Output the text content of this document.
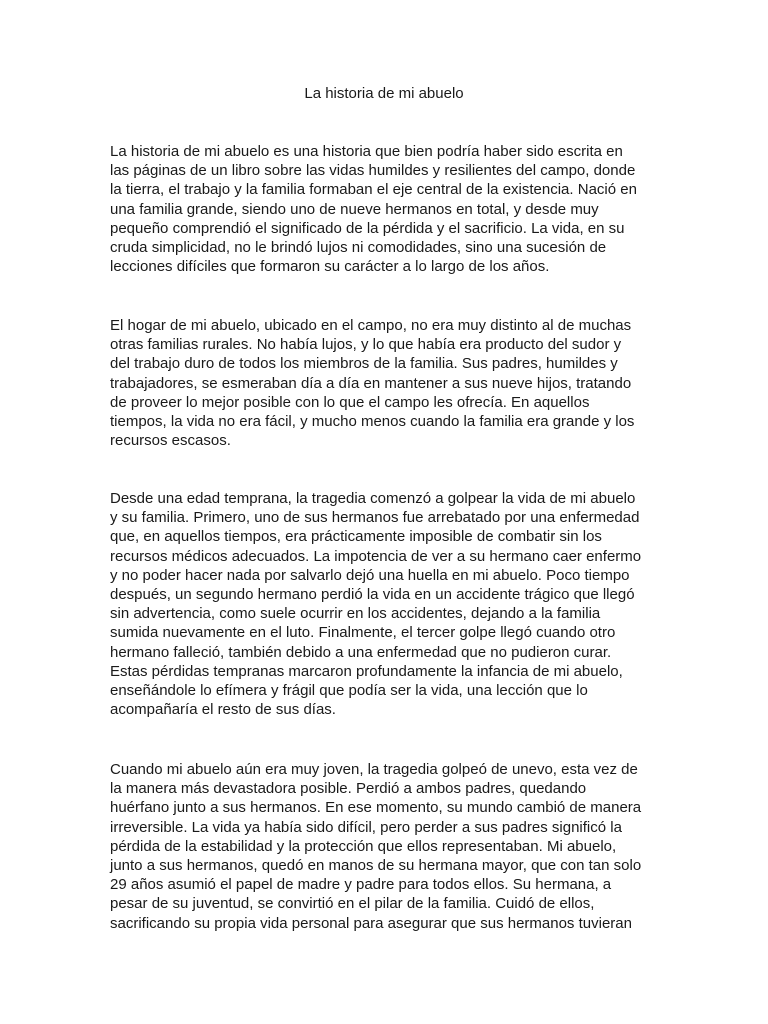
La historia de mi abuelo

La historia de mi abuelo es una historia que bien podría haber sido escrita en
las páginas de un libro sobre las vidas humildes y resilientes del campo, donde
la tierra, el trabajo y la familia formaban el eje central de la existencia. Nació en
una familia grande, siendo uno de nueve hermanos en total, y desde muy
pequeño comprendió el significado de la pérdida y el sacrificio. La vida, en su
cruda simplicidad, no le brindó lujos ni comodidades, sino una sucesión de
lecciones difíciles que formaron su carácter a lo largo de los años.

El hogar de mi abuelo, ubicado en el campo, no era muy distinto al de muchas
otras familias rurales. No había lujos, y lo que había era producto del sudor y
del trabajo duro de todos los miembros de la familia. Sus padres, humildes y
trabajadores, se esmeraban día a día en mantener a sus nueve hijos, tratando
de proveer lo mejor posible con lo que el campo les ofrecía. En aquellos
tiempos, la vida no era fácil, y mucho menos cuando la familia era grande y los
recursos escasos.

Desde una edad temprana, la tragedia comenzó a golpear la vida de mi abuelo
y su familia. Primero, uno de sus hermanos fue arrebatado por una enfermedad
que, en aquellos tiempos, era prácticamente imposible de combatir sin los
recursos médicos adecuados. La impotencia de ver a su hermano caer enfermo
y no poder hacer nada por salvarlo dejó una huella en mi abuelo. Poco tiempo
después, un segundo hermano perdió la vida en un accidente trágico que llegó
sin advertencia, como suele ocurrir en los accidentes, dejando a la familia
sumida nuevamente en el luto. Finalmente, el tercer golpe llegó cuando otro
hermano falleció, también debido a una enfermedad que no pudieron curar.
Estas pérdidas tempranas marcaron profundamente la infancia de mi abuelo,
enseñándole lo efímera y frágil que podía ser la vida, una lección que lo
acompañaría el resto de sus días.

Cuando mi abuelo aún era muy joven, la tragedia golpeó de unevo, esta vez de
la manera más devastadora posible. Perdió a ambos padres, quedando
huérfano junto a sus hermanos. En ese momento, su mundo cambió de manera
irreversible. La vida ya había sido difícil, pero perder a sus padres significó la
pérdida de la estabilidad y la protección que ellos representaban. Mi abuelo,
junto a sus hermanos, quedó en manos de su hermana mayor, que con tan solo
29 años asumió el papel de madre y padre para todos ellos. Su hermana, a
pesar de su juventud, se convirtió en el pilar de la familia. Cuidó de ellos,
sacrificando su propia vida personal para asegurar que sus hermanos tuvieran
